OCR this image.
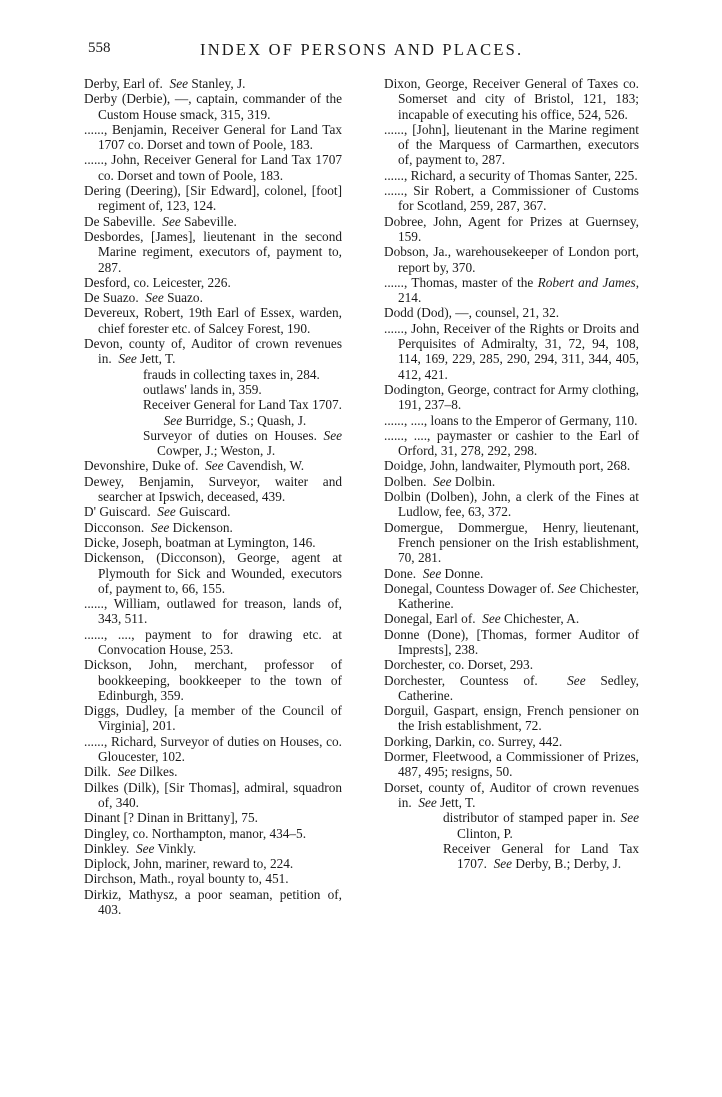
558	INDEX OF PERSONS AND PLACES.

Derby, Earl of.  See Stanley, J.

Derby (Derbie), —, captain, commander of the Custom House smack, 315, 319.

......, Benjamin, Receiver General for Land Tax 1707 co. Dorset and town of Poole, 183.

......, John, Receiver General for Land Tax 1707 co. Dorset and town of Poole, 183.

Dering (Deering), [Sir Edward], colonel, [foot] regiment of, 123, 124.

De Sabeville.  See Sabeville.

Desbordes, [James], lieutenant in the second Marine regiment, executors of, payment to, 287.

Desford, co. Leicester, 226.

De Suazo.  See Suazo.

Devereux, Robert, 19th Earl of Essex, warden, chief forester etc. of Salcey Forest, 190.

Devon, county of, Auditor of crown revenues in.  See Jett, T.

frauds in collecting taxes in, 284.

outlaws' lands in, 359.

Receiver General for Land Tax 1707.   See Burridge, S.; Quash, J.

Surveyor of duties on Houses. See Cowper, J.; Weston, J.

Devonshire, Duke of.  See Cavendish, W.

Dewey, Benjamin, Surveyor, waiter and searcher at Ipswich, deceased, 439.

D' Guiscard.  See Guiscard.

Dicconson.  See Dickenson.

Dicke, Joseph, boatman at Lymington, 146.

Dickenson, (Dicconson), George, agent at Plymouth for Sick and Wounded, executors of, payment to, 66, 155.

......, William, outlawed for treason, lands of, 343, 511.

......, ...., payment to for drawing etc. at Convocation House, 253.

Dickson, John, merchant, professor of bookkeeping, bookkeeper to the town of Edinburgh, 359.

Diggs, Dudley, [a member of the Council of Virginia], 201.

......, Richard, Surveyor of duties on Houses, co. Gloucester, 102.

Dilk.  See Dilkes.

Dilkes (Dilk), [Sir Thomas], admiral, squadron of, 340.

Dinant [? Dinan in Brittany], 75.

Dingley, co. Northampton, manor, 434–5.

Dinkley.  See Vinkly.

Diplock, John, mariner, reward to, 224.

Dirchson, Math., royal bounty to, 451.

Dirkiz, Mathysz, a poor seaman, petition of, 403.

Dixon, George, Receiver General of Taxes co. Somerset and city of Bristol, 121, 183; incapable of executing his office, 524, 526.

......, [John], lieutenant in the Marine regiment of the Marquess of Carmarthen, executors of, payment to, 287.

......, Richard, a security of Thomas Santer, 225.

......, Sir Robert, a Commissioner of Customs for Scotland, 259, 287, 367.

Dobree, John, Agent for Prizes at Guernsey, 159.

Dobson, Ja., warehousekeeper of London port, report by, 370.

......, Thomas, master of the Robert and James, 214.

Dodd (Dod), —, counsel, 21, 32.

......, John, Receiver of the Rights or Droits and Perquisites of Admiralty, 31, 72, 94, 108, 114, 169, 229, 285, 290, 294, 311, 344, 405, 412, 421.

Dodington, George, contract for Army clothing, 191, 237–8.

......, ...., loans to the Emperor of Germany, 110.

......, ...., paymaster or cashier to the Earl of Orford, 31, 278, 292, 298.

Doidge, John, landwaiter, Plymouth port, 268.

Dolben.  See Dolbin.

Dolbin (Dolben), John, a clerk of the Fines at Ludlow, fee, 63, 372.

Domergue,   Dommergue,   Henry, lieutenant, French pensioner on the Irish establishment, 70, 281.

Done.  See Donne.

Donegal, Countess Dowager of. See Chichester, Katherine.

Donegal, Earl of.  See Chichester, A.

Donne (Done), [Thomas, former Auditor of Imprests], 238.

Dorchester, co. Dorset, 293.

Dorchester, Countess of.  See Sedley, Catherine.

Dorguil, Gaspart, ensign, French pensioner on the Irish establishment, 72.

Dorking, Darkin, co. Surrey, 442.

Dormer, Fleetwood, a Commissioner of Prizes, 487, 495; resigns, 50.

Dorset, county of, Auditor of crown revenues in.  See Jett, T.

distributor of stamped paper in. See Clinton, P.

Receiver General for Land Tax 1707.  See Derby, B.; Derby, J.
